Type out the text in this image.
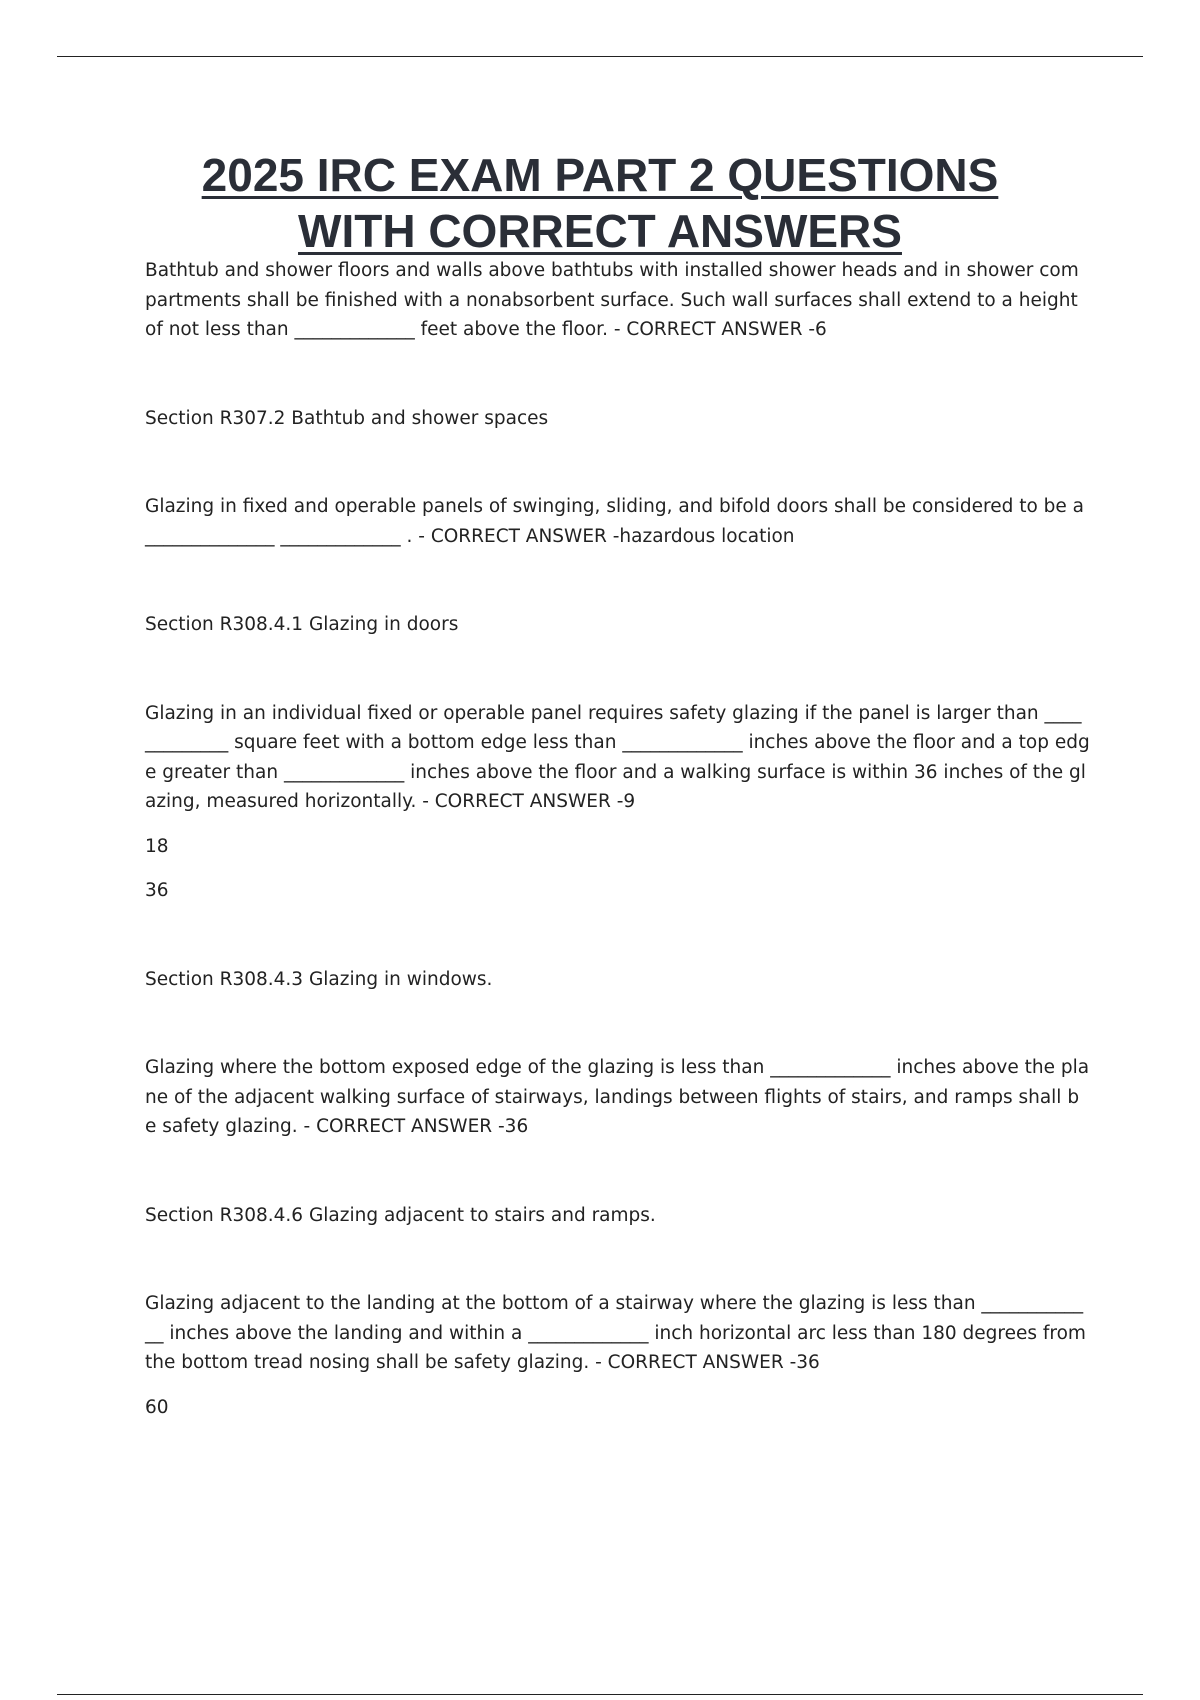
2025 IRC EXAM PART 2 QUESTIONS
WITH CORRECT ANSWERS

Bathtub and shower floors and walls above bathtubs with installed shower heads and in shower compartments shall be finished with a nonabsorbent surface. Such wall surfaces shall extend to a height of not less than _____________ feet above the floor. - CORRECT ANSWER -6

Section R307.2 Bathtub and shower spaces

Glazing in fixed and operable panels of swinging, sliding, and bifold doors shall be considered to be a ______________ _____________ . - CORRECT ANSWER -hazardous location

Section R308.4.1 Glazing in doors

Glazing in an individual fixed or operable panel requires safety glazing if the panel is larger than _____________ square feet with a bottom edge less than _____________ inches above the floor and a top edge greater than _____________ inches above the floor and a walking surface is within 36 inches of the glazing, measured horizontally. - CORRECT ANSWER -9

18

36

Section R308.4.3 Glazing in windows.

Glazing where the bottom exposed edge of the glazing is less than _____________ inches above the plane of the adjacent walking surface of stairways, landings between flights of stairs, and ramps shall be safety glazing. - CORRECT ANSWER -36

Section R308.4.6 Glazing adjacent to stairs and ramps.

Glazing adjacent to the landing at the bottom of a stairway where the glazing is less than _____________ inches above the landing and within a _____________ inch horizontal arc less than 180 degrees from the bottom tread nosing shall be safety glazing. - CORRECT ANSWER -36

60
